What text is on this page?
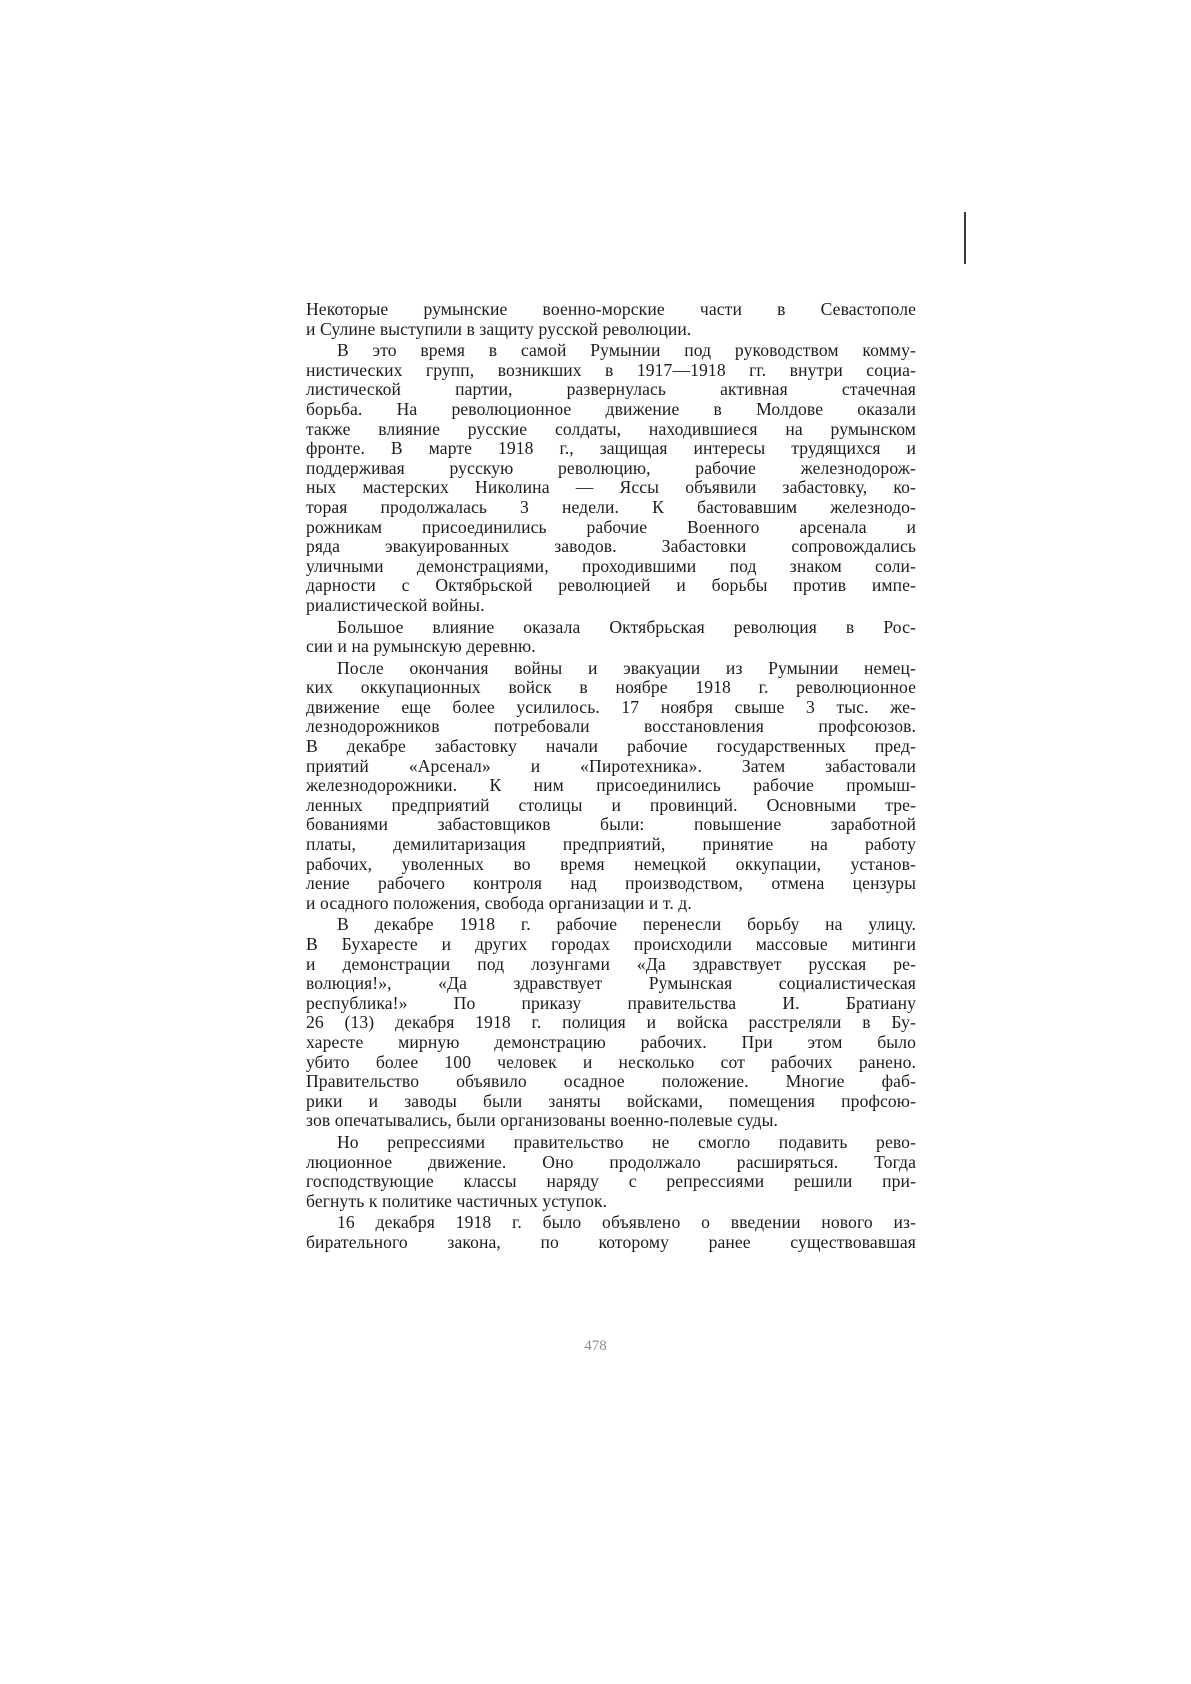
Некоторые румынские военно-морские части в Севастополе
и Сулине выступили в защиту русской революции.
В это время в самой Румынии под руководством комму-
нистических групп, возникших в 1917—1918 гг. внутри социа-
листической партии, развернулась активная стачечная
борьба. На революционное движение в Молдове оказали
также влияние русские солдаты, находившиеся на румынском
фронте. В марте 1918 г., защищая интересы трудящихся и
поддерживая русскую революцию, рабочие железнодорож-
ных мастерских Николина — Яссы объявили забастовку, ко-
торая продолжалась 3 недели. К бастовавшим железнодо-
рожникам присоединились рабочие Военного арсенала и
ряда эвакуированных заводов. Забастовки сопровождались
уличными демонстрациями, проходившими под знаком соли-
дарности с Октябрьской революцией и борьбы против импе-
риалистической войны.
Большое влияние оказала Октябрьская революция в Рос-
сии и на румынскую деревню.
После окончания войны и эвакуации из Румынии немец-
ких оккупационных войск в ноябре 1918 г. революционное
движение еще более усилилось. 17 ноября свыше 3 тыс. же-
лезнодорожников потребовали восстановления профсоюзов.
В декабре забастовку начали рабочие государственных пред-
приятий «Арсенал» и «Пиротехника». Затем забастовали
железнодорожники. К ним присоединились рабочие промыш-
ленных предприятий столицы и провинций. Основными тре-
бованиями забастовщиков были: повышение заработной
платы, демилитаризация предприятий, принятие на работу
рабочих, уволенных во время немецкой оккупации, установ-
ление рабочего контроля над производством, отмена цензуры
и осадного положения, свобода организации и т. д.
В декабре 1918 г. рабочие перенесли борьбу на улицу.
В Бухаресте и других городах происходили массовые митинги
и демонстрации под лозунгами «Да здравствует русская ре-
волюция!», «Да здравствует Румынская социалистическая
республика!» По приказу правительства И. Братиану
26 (13) декабря 1918 г. полиция и войска расстреляли в Бу-
харесте мирную демонстрацию рабочих. При этом было
убито более 100 человек и несколько сот рабочих ранено.
Правительство объявило осадное положение. Многие фаб-
рики и заводы были заняты войсками, помещения профсою-
зов опечатывались, были организованы военно-полевые суды.
Но репрессиями правительство не смогло подавить рево-
люционное движение. Оно продолжало расширяться. Тогда
господствующие классы наряду с репрессиями решили при-
бегнуть к политике частичных уступок.
16 декабря 1918 г. было объявлено о введении нового из-
бирательного закона, по которому ранее существовавшая
478
